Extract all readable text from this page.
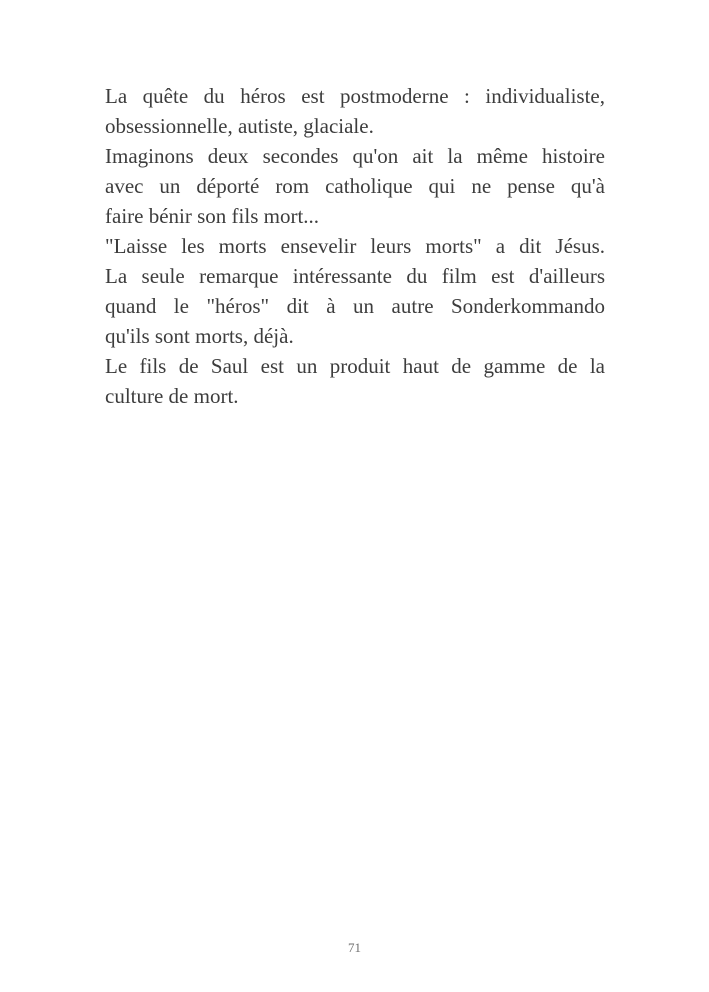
La quête du héros est postmoderne : individualiste,
obsessionnelle, autiste, glaciale.
Imaginons deux secondes qu'on ait la même histoire
avec un déporté rom catholique qui ne pense qu'à
faire bénir son fils mort...
"Laisse les morts ensevelir leurs morts" a dit Jésus.
La seule remarque intéressante du film est d'ailleurs
quand le "héros" dit à un autre Sonderkommando
qu'ils sont morts, déjà.
Le fils de Saul est un produit haut de gamme de la
culture de mort.
71
